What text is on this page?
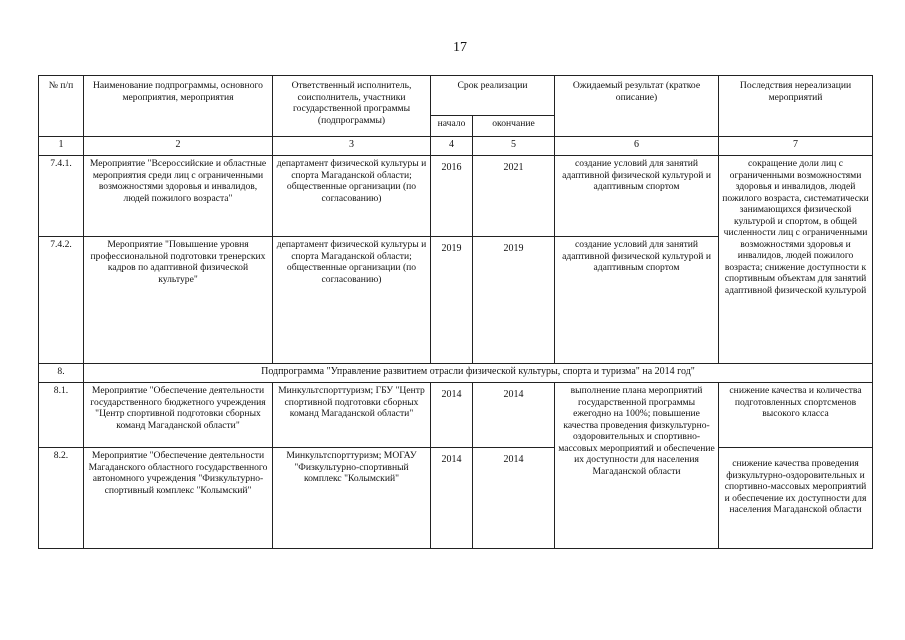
17
№ п/п	Наименование подпрограммы, основного мероприятия, мероприятия	Ответственный исполнитель, соисполнитель, участники государственной программы (подпрограммы)	Срок реализации		Ожидаемый результат (краткое описание)	Последствия нереализации мероприятий
			начало	окончание		
1	2	3	4	5	6	7
7.4.1.	Мероприятие "Всероссийские и областные мероприятия среди лиц с ограниченными возможностями здоровья и инвалидов, людей пожилого возраста"	департамент физической культуры и спорта Магаданской области; общественные организации (по согласованию)	2016	2021	создание условий для занятий адаптивной физической культурой и адаптивным спортом	сокращение доли лиц с ограниченными возможностями здоровья и инвалидов, людей пожилого возраста, систематически занимающихся физической культурой и спортом, в общей численности лиц с ограниченными возможностями здоровья и инвалидов, людей пожилого возраста; снижение доступности к спортивным объектам для занятий адаптивной физической культурой
7.4.2.	Мероприятие "Повышение уровня профессиональной подготовки тренерских кадров по адаптивной физической культуре"	департамент физической культуры и спорта Магаданской области; общественные организации (по согласованию)	2019	2019	создание условий для занятий адаптивной физической культурой и адаптивным спортом	
8.	Подпрограмма "Управление развитием отрасли физической культуры, спорта и туризма" на 2014 год"					
8.1.	Мероприятие "Обеспечение деятельности государственного бюджетного учреждения "Центр спортивной подготовки сборных команд Магаданской области"	Минкультспорттуризм; ГБУ "Центр спортивной подготовки сборных команд Магаданской области"	2014	2014	выполнение плана мероприятий государственной программы ежегодно на 100%; повышение качества проведения физкультурно-оздоровительных и спортивно-массовых мероприятий и обеспечение их доступности для населения Магаданской области	снижение качества и количества подготовленных спортсменов высокого класса
8.2.	Мероприятие "Обеспечение деятельности Магаданского областного государственного автономного учреждения "Физкультурно-спортивный комплекс "Колымский"	Минкультспорттуризм; МОГАУ "Физкультурно-спортивный комплекс "Колымский"	2014	2014		снижение качества проведения физкультурно-оздоровительных и спортивно-массовых мероприятий и обеспечение их доступности для населения Магаданской области
